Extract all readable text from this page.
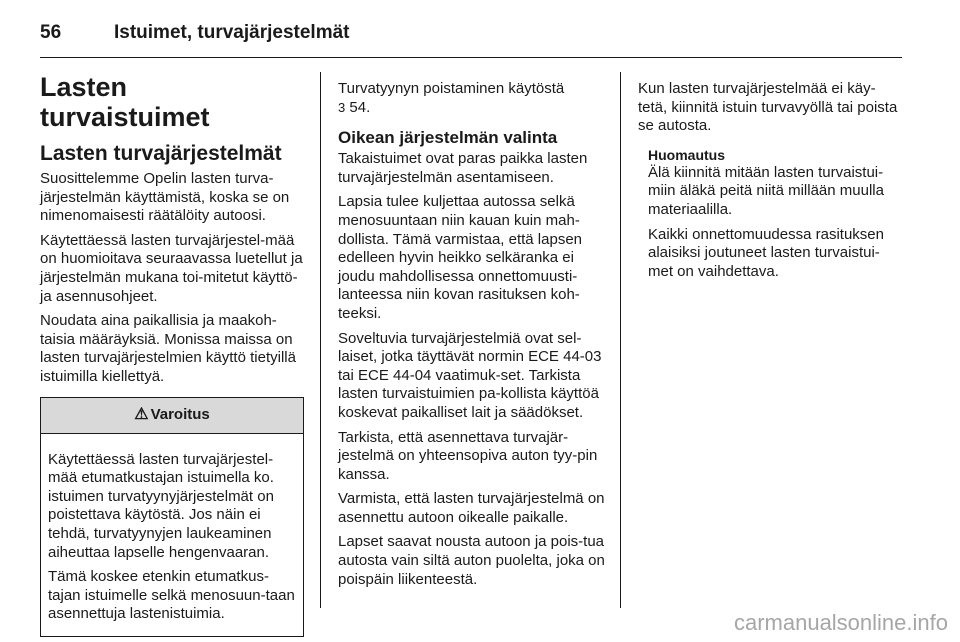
56	Istuimet, turvajärjestelmät
Lasten turvaistuimet
Lasten turvajärjestelmät

Suosittelemme Opelin lasten turva-järjestelmän käyttämistä, koska se on nimenomaisesti räätälöity autoosi.

Käytettäessä lasten turvajärjestel-mää on huomioitava seuraavassa luetellut ja järjestelmän mukana toi-mitetut käyttö- ja asennusohjeet.

Noudata aina paikallisia ja maakoh-taisia määräyksiä. Monissa maissa on lasten turvajärjestelmien käyttö tietyillä istuimilla kiellettyä.

⚠ Varoitus

Käytettäessä lasten turvajärjestel-mää etumatkustajan istuimella ko. istuimen turvatyynyjärjestelmät on poistettava käytöstä. Jos näin ei tehdä, turvatyynyjen laukeaminen aiheuttaa lapselle hengenvaaran.

Tämä koskee etenkin etumatkus-tajan istuimelle selkä menosuun-taan asennettuja lastenistuimia.

Turvatyynyn poistaminen käytöstä
3 54.

Oikean järjestelmän valinta

Takaistuimet ovat paras paikka lasten turvajärjestelmän asentamiseen.

Lapsia tulee kuljettaa autossa selkä menosuuntaan niin kauan kuin mah-dollista. Tämä varmistaa, että lapsen edelleen hyvin heikko selkäranka ei joudu mahdollisessa onnettomuusti-lanteessa niin kovan rasituksen koh-teeksi.

Soveltuvia turvajärjestelmiä ovat sel-laiset, jotka täyttävät normin ECE 44-03 tai ECE 44-04 vaatimuk-set. Tarkista lasten turvaistuimien pa-kollista käyttöä koskevat paikalliset lait ja säädökset.

Tarkista, että asennettava turvajär-jestelmä on yhteensopiva auton tyy-pin kanssa.

Varmista, että lasten turvajärjestelmä on asennettu autoon oikealle paikalle.

Lapset saavat nousta autoon ja pois-tua autosta vain siltä auton puolelta, joka on poispäin liikenteestä.

Kun lasten turvajärjestelmää ei käy-tetä, kiinnitä istuin turvavyöllä tai poista se autosta.

Huomautus

Älä kiinnitä mitään lasten turvaistui-miin äläkä peitä niitä millään muulla materiaalilla.

Kaikki onnettomuudessa rasituksen alaisiksi joutuneet lasten turvaistui-met on vaihdettava.

carmanualsonline.info
